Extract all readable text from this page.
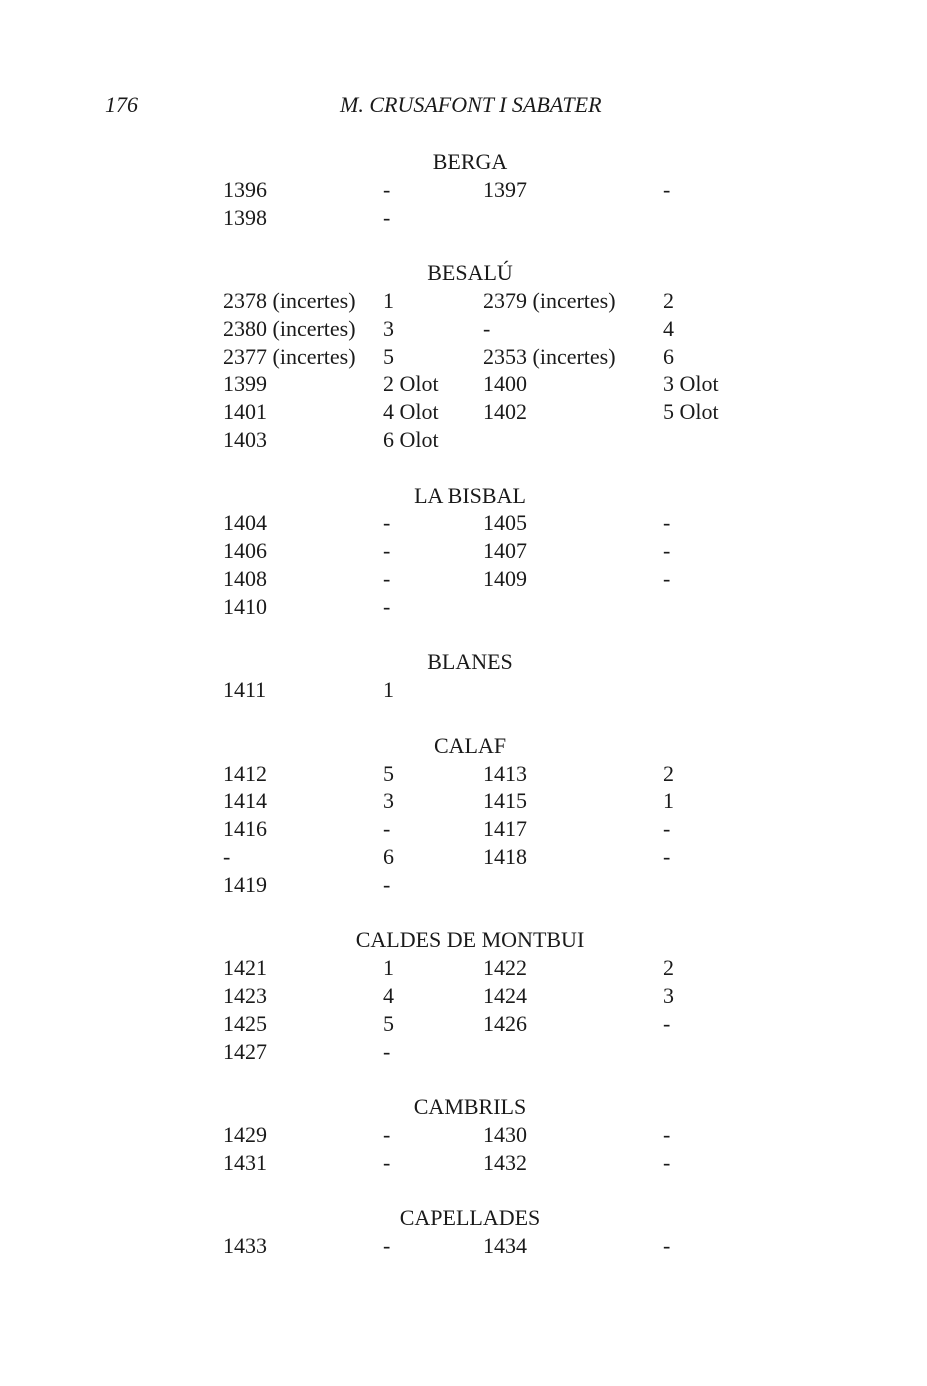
176	M. CRUSAFONT I SABATER
BERGA
1396	-	1397	-
1398	-
BESALÚ
2378 (incertes) 1	2379 (incertes) 2
2380 (incertes) 3	-	4
2377 (incertes) 5	2353 (incertes) 6
1399	2 Olot 1400	3 Olot
1401	4 Olot 1402	5 Olot
1403	6 Olot
LA BISBAL
1404	-	1405	-
1406	-	1407	-
1408	-	1409	-
1410	-
BLANES
1411	1
CALAF
1412	5	1413	2
1414	3	1415	1
1416	-	1417	-
-	6	1418	-
1419	-
CALDES DE MONTBUI
1421	1	1422	2
1423	4	1424	3
1425	5	1426	-
1427	-
CAMBRILS
1429	-	1430	-
1431	-	1432	-
CAPELLADES
1433	-	1434	-
